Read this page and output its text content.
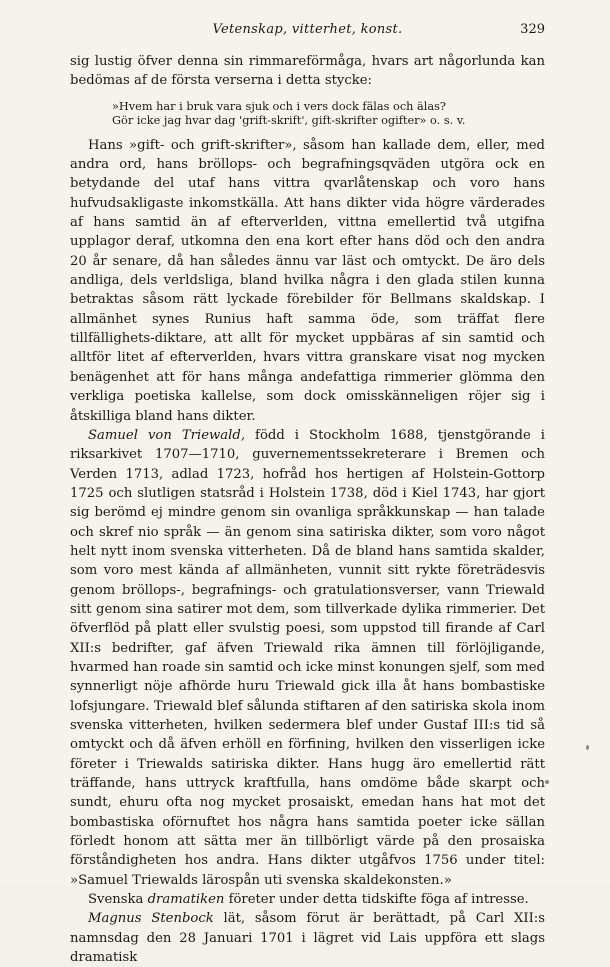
Vetenskap, vitterhet, konst.	329

sig lustig öfver denna sin rimmareförmåga, hvars art någorlunda kan bedömas af de första verserna i detta stycke:

»Hvem har i bruk vara sjuk och i vers dock fälas och älas?
Gör icke jag hvar dag 'grift-skrift', gift-skrifter ogifter» o. s. v.

Hans »gift- och grift-skrifter», såsom han kallade dem, eller, med andra ord, hans bröllops- och begrafningsqväden utgöra ock en betydande del utaf hans vittra qvarlåtenskap och voro hans hufvudsakligaste inkomstkälla. Att hans dikter vida högre värderades af hans samtid än af efterverlden, vittna emellertid två utgifna upplagor deraf, utkomna den ena kort efter hans död och den andra 20 år senare, då han således ännu var läst och omtyckt. De äro dels andliga, dels verldsliga, bland hvilka några i den glada stilen kunna betraktas såsom rätt lyckade förebilder för Bellmans skaldskap. I allmänhet synes Runius haft samma öde, som träffat flere tillfällighets-diktare, att allt för mycket uppbäras af sin samtid och alltför litet af efterverlden, hvars vittra granskare visat nog mycken benägenhet att för hans många andefattiga rimmerier glömma den verkliga poetiska kallelse, som dock omisskänneligen röjer sig i åtskilliga bland hans dikter.

Samuel von Triewald, född i Stockholm 1688, tjenstgörande i riksarkivet 1707—1710, guvernementssekreterare i Bremen och Verden 1713, adlad 1723, hofråd hos hertigen af Holstein-Gottorp 1725 och slutligen statsråd i Holstein 1738, död i Kiel 1743, har gjort sig berömd ej mindre genom sin ovanliga språkkunskap — han talade och skref nio språk — än genom sina satiriska dikter, som voro något helt nytt inom svenska vitterheten. Då de bland hans samtida skalder, som voro mest kända af allmänheten, vunnit sitt rykte företrädesvis genom bröllops-, begrafnings- och gratulationsverser, vann Triewald sitt genom sina satirer mot dem, som tillverkade dylika rimmerier. Det öfverflöd på platt eller svulstig poesi, som uppstod till firande af Carl XII:s bedrifter, gaf äfven Triewald rika ämnen till förlöjligande, hvarmed han roade sin samtid och icke minst konungen sjelf, som med synnerligt nöje afhörde huru Triewald gick illa åt hans bombastiske lofsjungare. Triewald blef sålunda stiftaren af den satiriska skola inom svenska vitterheten, hvilken sedermera blef under Gustaf III:s tid så omtyckt och då äfven erhöll en förfining, hvilken den visserligen icke företer i Triewalds satiriska dikter. Hans hugg äro emellertid rätt träffande, hans uttryck kraftfulla, hans omdöme både skarpt och sundt, ehuru ofta nog mycket prosaiskt, emedan hans hat mot det bombastiska oförnuftet hos några hans samtida poeter icke sällan förledt honom att sätta mer än tillbörligt värde på den prosaiska förståndigheten hos andra. Hans dikter utgåfvos 1756 under titel: »Samuel Triewalds lärospån uti svenska skaldekonsten.»

Svenska dramatiken företer under detta tidskifte föga af intresse.

Magnus Stenbock lät, såsom förut är berättadt, på Carl XII:s namnsdag den 28 Januari 1701 i lägret vid Lais uppföra ett slags dramatisk
